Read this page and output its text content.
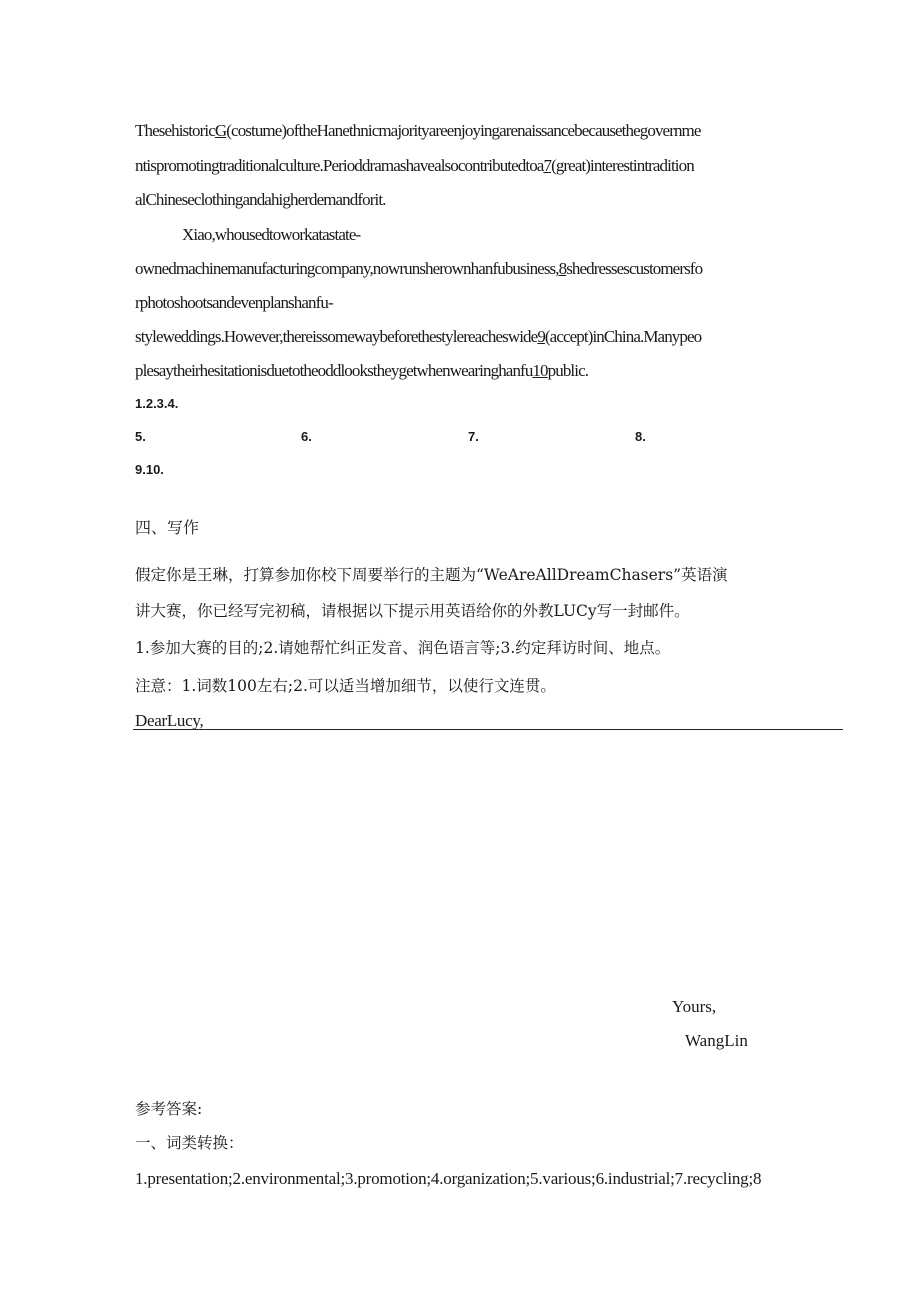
ThesehistoricG(costume)oftheHanethnicmajorityareenjoyingarenaissancebecausethegovernme
ntispromotingtraditionalculture.Perioddramashavealsocontributedtoa7(great)interestintradition
alChineseclothingandahigherdemandforit.
Xiao,whousedtoworkatastate-
ownedmachinemanufacturingcompany,nowrunsherownhanfubusiness,8shedressescustomersfo
rphotoshootsandevenplanshanfu-
styleweddings.However,thereissomewaybeforethestylereacheswide9(accept)inChina.Manypeo
plesaytheirhesitationisduetotheoddlookstheygetwhenwearinghanfu10public.
1.2.3.4.
5.	6.	7.	8.
9.10.
四、写作
假定你是王琳，打算参加你校下周要举行的主题为“WeAreAllDreamChasers”英语演
讲大赛，你已经写完初稿，请根据以下提示用英语给你的外教LUCy写一封邮件。
1.参加大赛的目的;2.请她帮忙纠正发音、润色语言等;3.约定拜访时间、地点。
注意：1.词数100左右;2.可以适当增加细节，以使行文连贯。
DearLucy,
Yours,
WangLin
参考答案:
一、词类转换：
1.presentation;2.environmental;3.promotion;4.organization;5.various;6.industrial;7.recycling;8
